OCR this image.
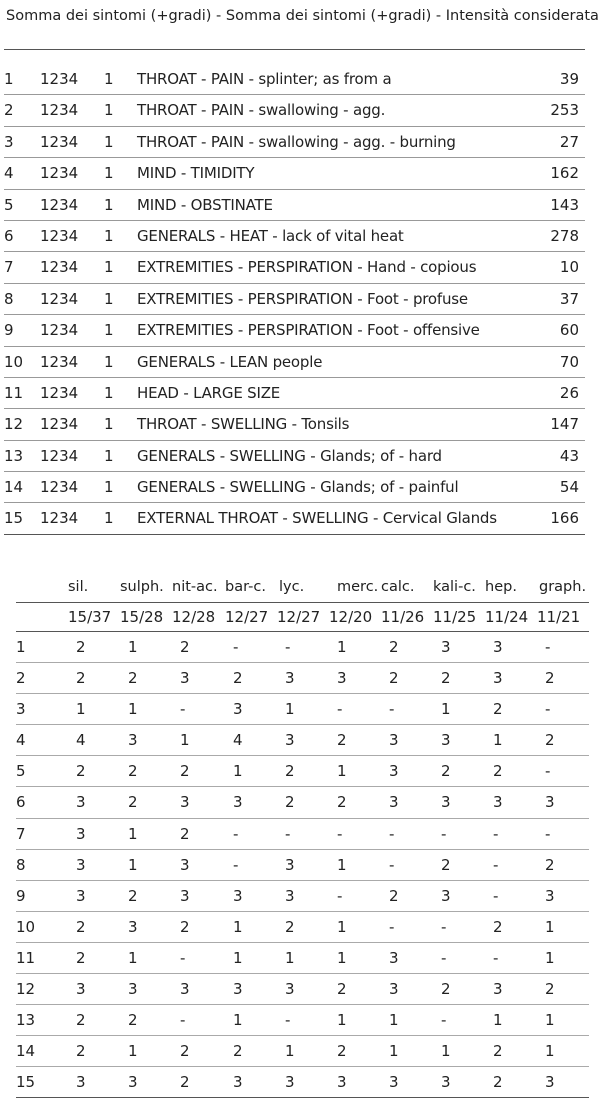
Somma dei sintomi (+gradi) - Somma dei sintomi (+gradi) - Intensità considerata
1 1234 1 THROAT - PAIN - splinter; as from a	39
2 1234 1 THROAT - PAIN - swallowing - agg.	253
3 1234 1 THROAT - PAIN - swallowing - agg. - burning	27
4 1234 1 MIND - TIMIDITY	162
5 1234 1 MIND - OBSTINATE	143
6 1234 1 GENERALS - HEAT - lack of vital heat	278
7 1234 1 EXTREMITIES - PERSPIRATION - Hand - copious	10
8 1234 1 EXTREMITIES - PERSPIRATION - Foot - profuse	37
9 1234 1 EXTREMITIES - PERSPIRATION - Foot - offensive	60
10 1234 1 GENERALS - LEAN people	70
11 1234 1 HEAD - LARGE SIZE	26
12 1234 1 THROAT - SWELLING - Tonsils	147
13 1234 1 GENERALS - SWELLING - Glands; of - hard	43
14 1234 1 GENERALS - SWELLING - Glands; of - painful	54
15 1234 1 EXTERNAL THROAT - SWELLING - Cervical Glands	166
sil. sulph. nit-ac. bar-c. lyc. merc. calc. kali-c. hep. graph.
15/37 15/28 12/28 12/27 12/27 12/20 11/26 11/25 11/24 11/21
1	2	1	2	-	-	1	2	3	3	-
2	2	2	3	2	3	3	2	2	3	2
3	1	1	-	3	1	-	-	1	2	-
4	4	3	1	4	3	2	3	3	1	2
5	2	2	2	1	2	1	3	2	2	-
6	3	2	3	3	2	2	3	3	3	3
7	3	1	2	-	-	-	-	-	-	-
8	3	1	3	-	3	1	-	2	-	2
9	3	2	3	3	3	-	2	3	-	3
10	2	3	2	1	2	1	-	-	2	1
11	2	1	-	1	1	1	3	-	-	1
12	3	3	3	3	3	2	3	2	3	2
13	2	2	-	1	-	1	1	-	1	1
14	2	1	2	2	1	2	1	1	2	1
15	3	3	2	3	3	3	3	3	2	3
